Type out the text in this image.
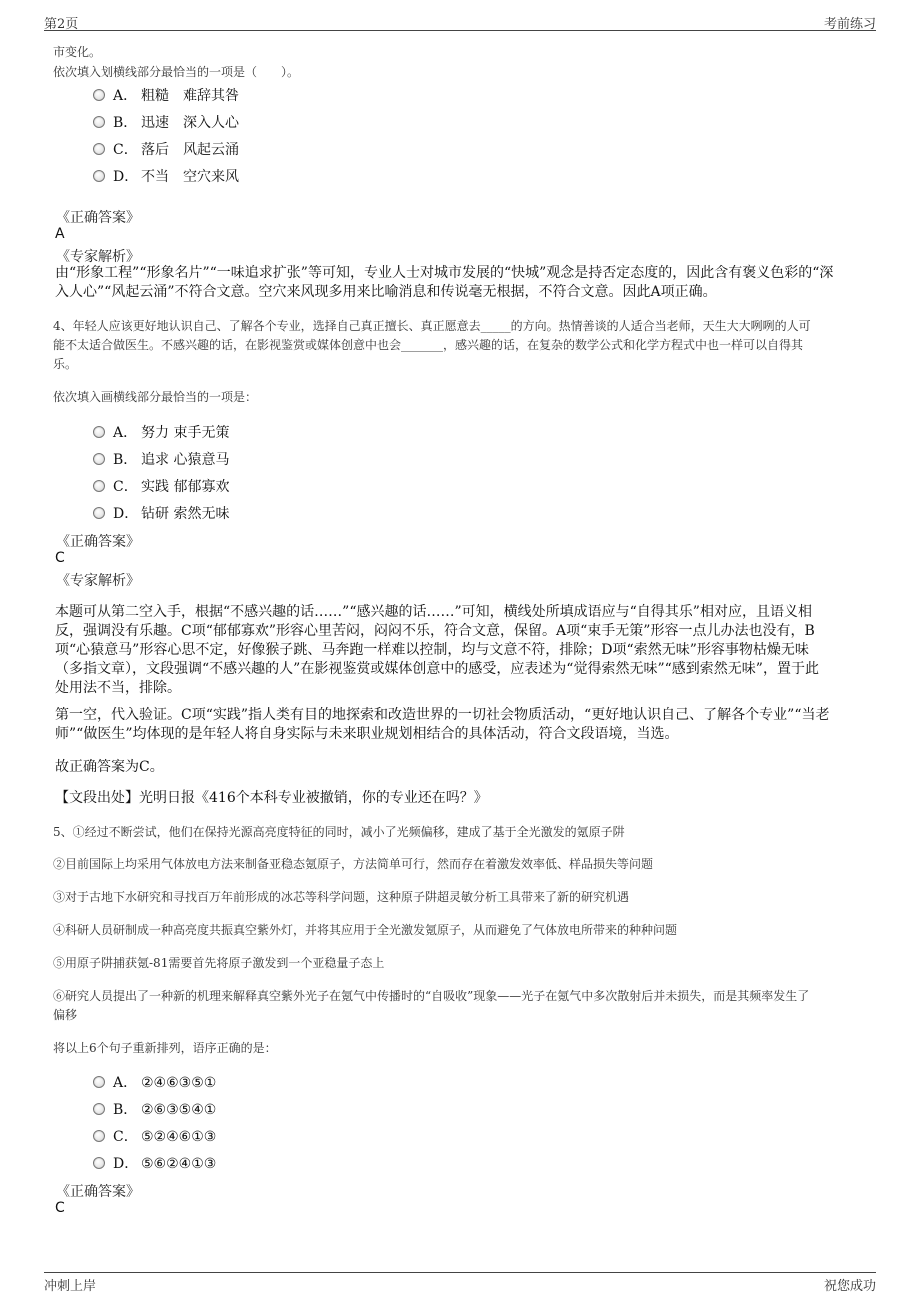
第2页	考前练习
市变化。
依次填入划横线部分最恰当的一项是（　　）。
A． 粗糙　难辞其咎
B． 迅速　深入人心
C． 落后　风起云涌
D． 不当　空穴来风
《正确答案》
A
《专家解析》
由“形象工程”“形象名片”“一味追求扩张”等可知，专业人士对城市发展的“快城”观念是持否定态度的，因此含有褒义色彩的“深
入人心”“风起云涌”不符合文意。空穴来风现多用来比喻消息和传说毫无根据，不符合文意。因此A项正确。
4、年轻人应该更好地认识自己、了解各个专业，选择自己真正擅长、真正愿意去_____的方向。热情善谈的人适合当老师，天生大大咧咧的人可
能不太适合做医生。不感兴趣的话，在影视鉴赏或媒体创意中也会_______，感兴趣的话，在复杂的数学公式和化学方程式中也一样可以自得其
乐。
依次填入画横线部分最恰当的一项是：
A． 努力 束手无策
B． 追求 心猿意马
C． 实践 郁郁寡欢
D． 钻研 索然无味
《正确答案》
C
《专家解析》
本题可从第二空入手，根据“不感兴趣的话……”“感兴趣的话……”可知，横线处所填成语应与“自得其乐”相对应，且语义相
反，强调没有乐趣。C项“郁郁寡欢”形容心里苦闷，闷闷不乐，符合文意，保留。A项“束手无策”形容一点儿办法也没有，B
项“心猿意马”形容心思不定，好像猴子跳、马奔跑一样难以控制，均与文意不符，排除；D项“索然无味”形容事物枯燥无味
（多指文章），文段强调“不感兴趣的人”在影视鉴赏或媒体创意中的感受，应表述为“觉得索然无味”“感到索然无味”，置于此
处用法不当，排除。
第一空，代入验证。C项“实践”指人类有目的地探索和改造世界的一切社会物质活动，“更好地认识自己、了解各个专业”“当老
师”“做医生”均体现的是年轻人将自身实际与未来职业规划相结合的具体活动，符合文段语境，当选。
故正确答案为C。
【文段出处】光明日报《416个本科专业被撤销，你的专业还在吗？》
5、①经过不断尝试，他们在保持光源高亮度特征的同时，减小了光频偏移，建成了基于全光激发的氪原子阱
②目前国际上均采用气体放电方法来制备亚稳态氪原子，方法简单可行，然而存在着激发效率低、样品损失等问题
③对于古地下水研究和寻找百万年前形成的冰芯等科学问题，这种原子阱超灵敏分析工具带来了新的研究机遇
④科研人员研制成一种高亮度共振真空紫外灯，并将其应用于全光激发氪原子，从而避免了气体放电所带来的种种问题
⑤用原子阱捕获氪-81需要首先将原子激发到一个亚稳量子态上
⑥研究人员提出了一种新的机理来解释真空紫外光子在氪气中传播时的“自吸收”现象——光子在氪气中多次散射后并未损失，而是其频率发生了
偏移
将以上6个句子重新排列，语序正确的是：
A． ②④⑥③⑤①
B． ②⑥③⑤④①
C． ⑤②④⑥①③
D． ⑤⑥②④①③
《正确答案》
C
冲刺上岸	祝您成功
